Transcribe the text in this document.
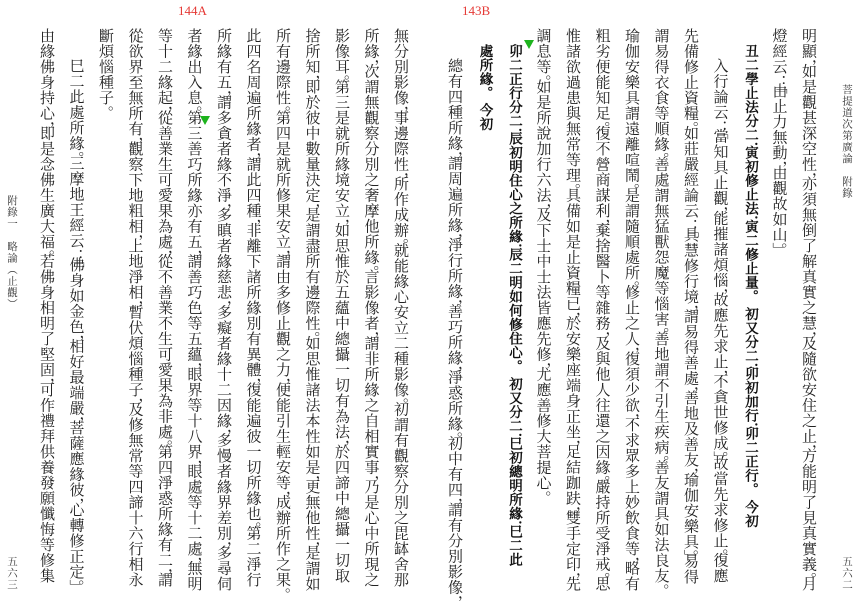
144A	143B
菩提道次第廣論　附錄
五六二
附錄一　略論（止觀）
五六三
明顯，如是觀甚深空性，亦須無倒了解真實之慧，及隨欲安住之止，方能明了見真實義。月
燈經云：「由止力無動，由觀故如山」
丑二學止法分二．寅初修止法．寅二修止量。初又分二．卯初加行．卯二正行。今初
入行論云：「當知具止觀，能摧諸煩惱，故應先求止，不貪世修成」故當先求修止。復應
先備修止資糧。如莊嚴經論云：「具慧修行境，謂易得善處，善地及善友，瑜伽安樂具」易得
謂易得衣食等順緣。善處謂無猛獸怨魔等惱害。善地謂不引生疾病。善友謂具如法良友。
瑜伽安樂具謂遠離喧鬧。是謂隨順處所。修止之人，復須少欲，不求眾多上妙飲食等，略有
粗劣便能知足。復不營商謀利，棄捨醫卜等雜務，及與他人往還之因緣。嚴持所受淨戒。思
惟諸欲過患與無常等理。具備如是止資糧已，於安樂座端身正坐，足結跏趺，雙手定印，先
調息等。如是所說加行六法，及下士中士法皆應先修，尤應善修大菩提心。
卯二正行分二．辰初明住心之所緣．辰二明如何修住心。初又分二．巳初總明所緣．巳二此
處所緣。今初
總有四種所緣，謂周遍所緣，淨行所緣，善巧所緣，淨惑所緣。初中有四，謂有分別影像，
無分別影像，事邊際性，所作成辦。就能緣心安立二種影像。初謂有觀察分別之毘缽舍那
所緣，次謂無觀察分別之奢摩他所緣。言影像者，謂非所緣之自相實事，乃是心中所現之
影像耳。第三是就所緣境安立，如思惟於五蘊中總攝一切有為法，於四諦中總攝一切取
捨所知，即於彼中數量決定，是謂盡所有邊際性。如思惟諸法本性如是，更無他性，是謂如
所有邊際性。第四是就所修果安立，謂由多修止觀之力，便能引生輕安等，成辦所作之果。
此四名周遍所緣者，謂此四種，非離下諸所緣別有異體，復能遍彼一切所緣也。第二淨行
所緣有五，謂多貪者緣不淨，多瞋者緣慈悲，多癡者緣十二因緣，多慢者緣界差別，多尋伺
者緣出入息。第三善巧所緣亦有五，謂善巧色等五蘊，眼界等十八界，眼處等十二處，無明
等十二緣起，從善業生可愛果為處，從不善業不生可愛果為非處。第四淨惑所緣有二，謂
從欲界至無所有，觀察下地粗相，上地淨相，暫伏煩惱種子，及修無常等四諦十六行相永
斷煩惱種子。
巳二此處所緣。三摩地王經云：「佛身如金色，相好最端嚴，菩薩應緣彼，心轉修正定」
由緣佛身持心，即是念佛生廣大福。若佛身相明了堅固，可作禮拜供養發願懺悔等修集
